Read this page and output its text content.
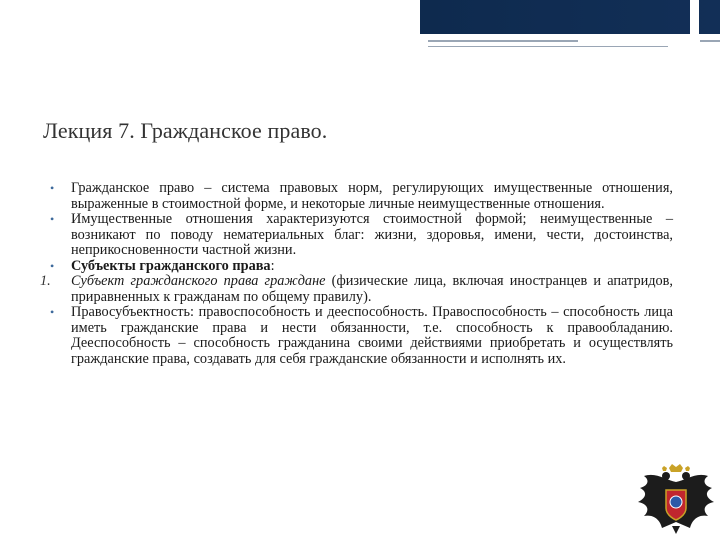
Лекция 7. Гражданское право.
• Гражданское право – система правовых норм, регулирующих имущественные отношения, выраженные в стоимостной форме, и некоторые личные неимущественные отношения.

• Имущественные отношения характеризуются стоимостной формой; неимущественные – возникают по поводу нематериальных благ: жизни, здоровья, имени, чести, достоинства, неприкосновенности частной жизни.

• Субъекты гражданского права:

1. Субъект гражданского права граждане (физические лица, включая иностранцев и апатридов, приравненных к гражданам по общему правилу).

• Правосубъектность: правоспособность и дееспособность. Правоспособность – способность лица иметь гражданские права и нести обязанности, т.е. способность к правообладанию. Дееспособность – способность гражданина своими действиями приобретать и осуществлять гражданские права, создавать для себя гражданские обязанности и исполнять их.
